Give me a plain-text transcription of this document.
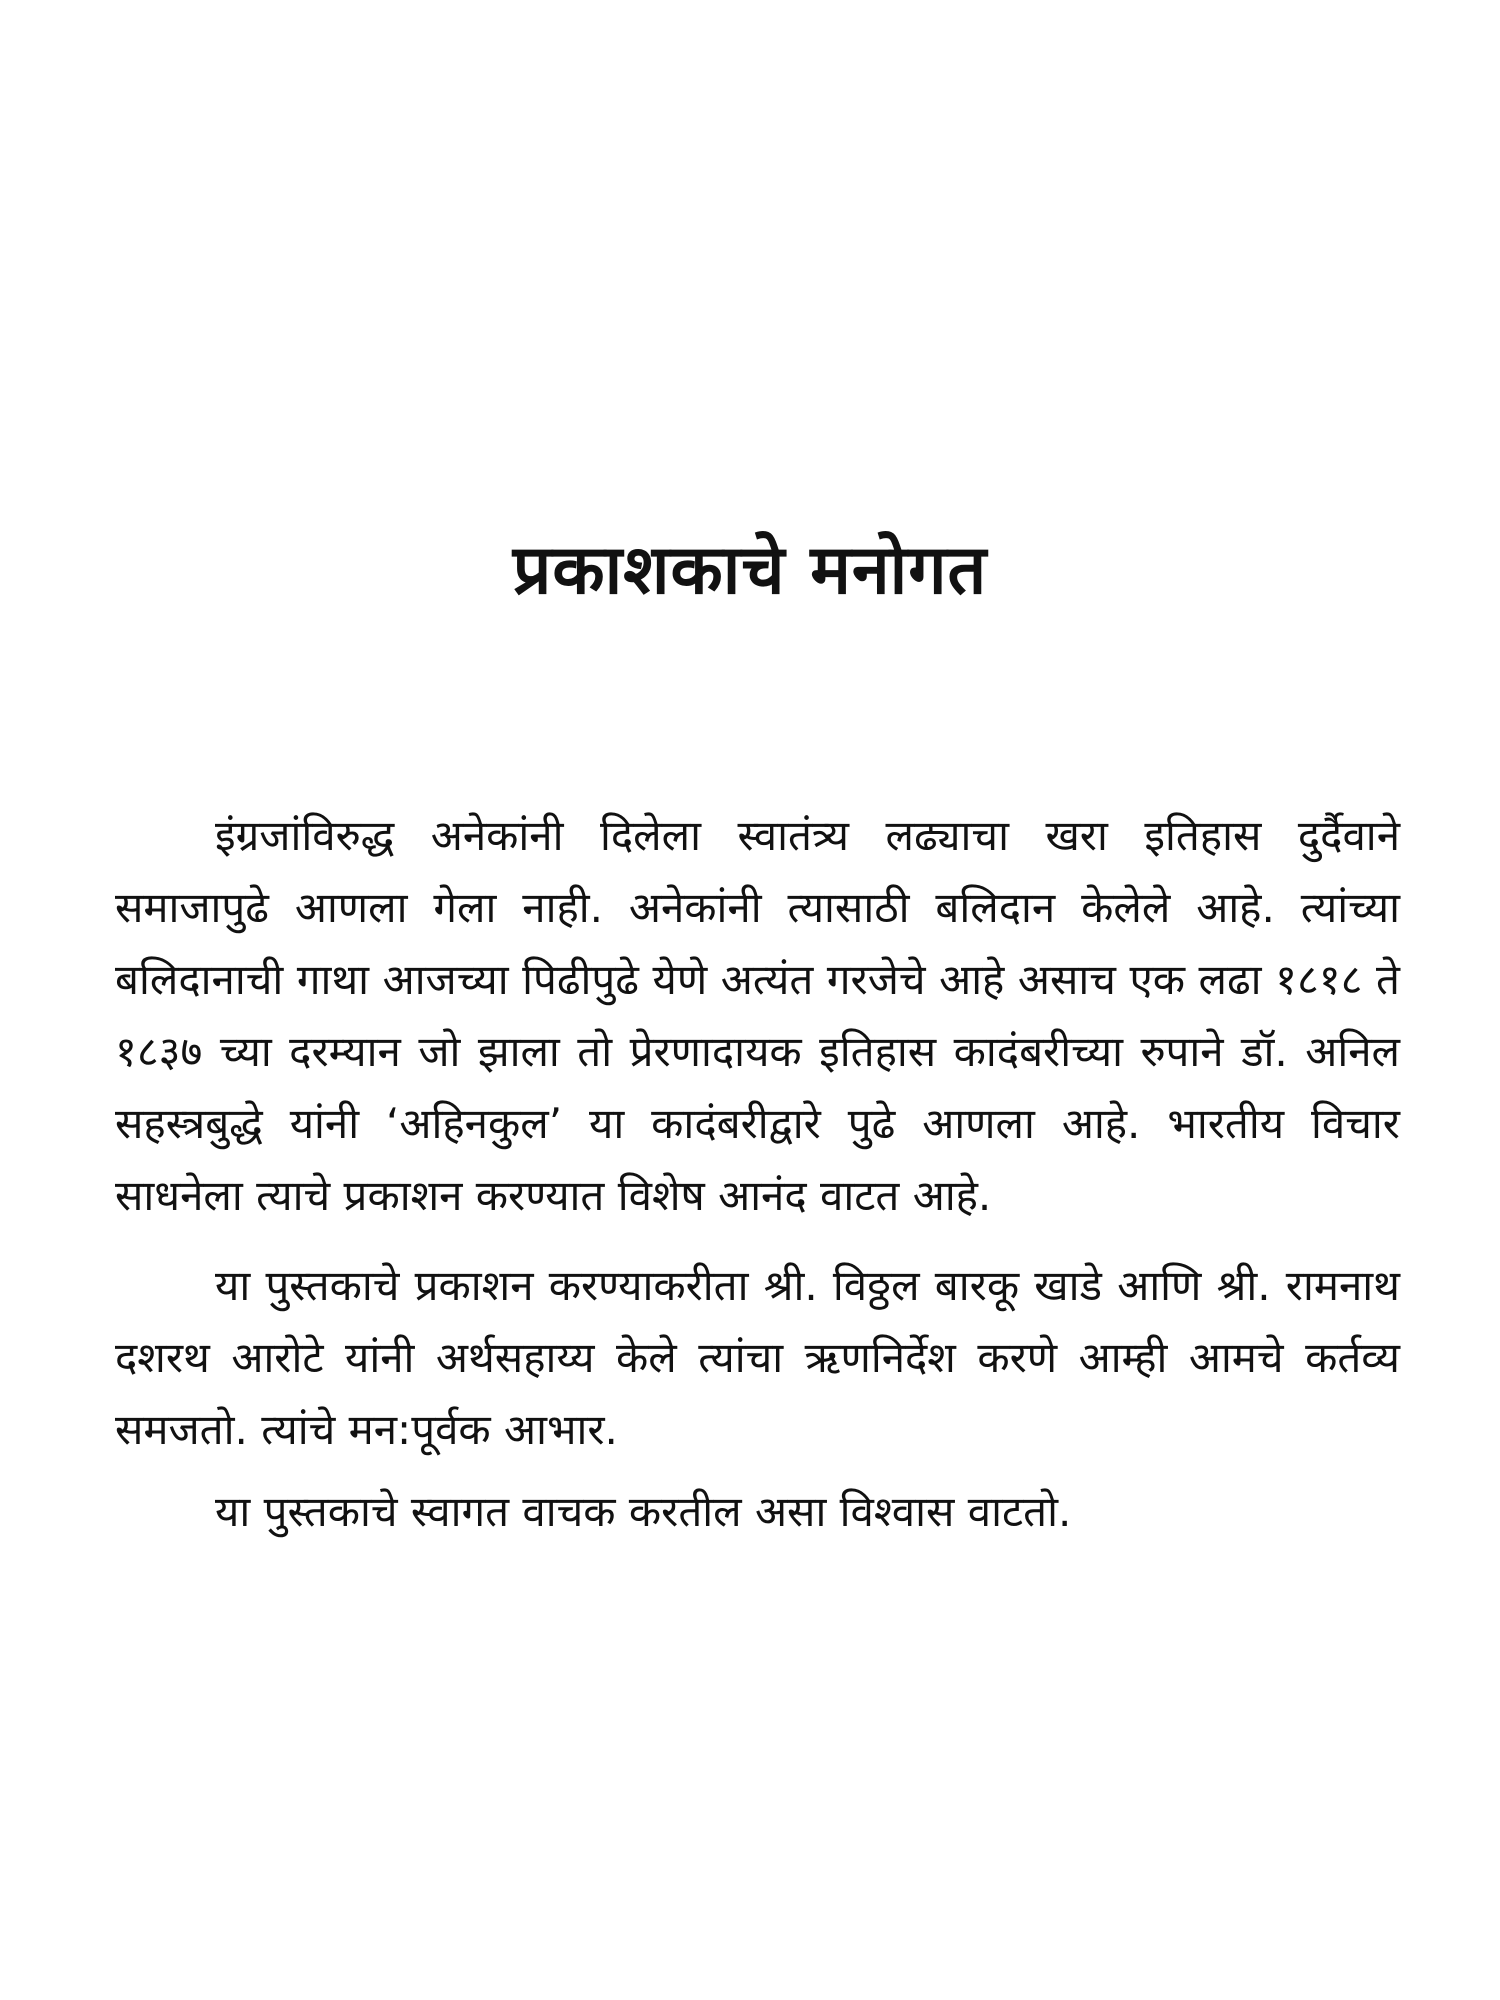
प्रकाशकाचे मनोगत

इंग्रजांविरुद्ध अनेकांनी दिलेला स्वातंत्र्य लढ्याचा खरा इतिहास दुर्दैवाने समाजापुढे आणला गेला नाही. अनेकांनी त्यासाठी बलिदान केलेले आहे. त्यांच्या बलिदानाची गाथा आजच्या पिढीपुढे येणे अत्यंत गरजेचे आहे असाच एक लढा १८१८ ते १८३७ च्या दरम्यान जो झाला तो प्रेरणादायक इतिहास कादंबरीच्या रुपाने डॉ. अनिल सहस्त्रबुद्धे यांनी ‘अहिनकुल’ या कादंबरीद्वारे पुढे आणला आहे. भारतीय विचार साधनेला त्याचे प्रकाशन करण्यात विशेष आनंद वाटत आहे.

या पुस्तकाचे प्रकाशन करण्याकरीता श्री. विठ्ठल बारकू खाडे आणि श्री. रामनाथ दशरथ आरोटे यांनी अर्थसहाय्य केले त्यांचा ऋणनिर्देश करणे आम्ही आमचे कर्तव्य समजतो. त्यांचे मन:पूर्वक आभार.

या पुस्तकाचे स्वागत वाचक करतील असा विश्वास वाटतो.
